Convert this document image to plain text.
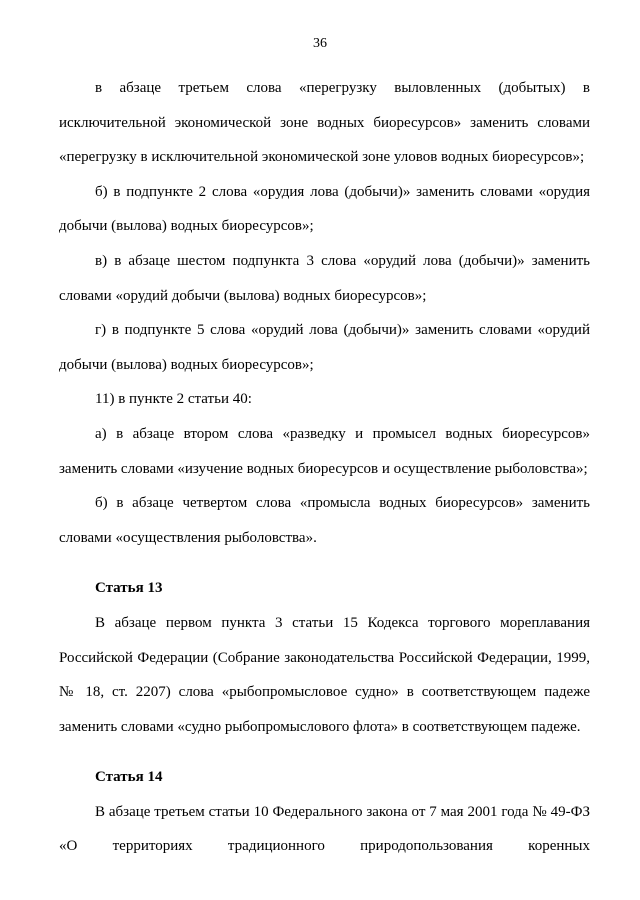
36

в абзаце третьем слова «перегрузку выловленных (добытых) в исключительной экономической зоне водных биоресурсов» заменить словами «перегрузку в исключительной экономической зоне уловов водных биоресурсов»;

б) в подпункте 2 слова «орудия лова (добычи)» заменить словами «орудия добычи (вылова) водных биоресурсов»;

в) в абзаце шестом подпункта 3 слова «орудий лова (добычи)» заменить словами «орудий добычи (вылова) водных биоресурсов»;

г) в подпункте 5 слова «орудий лова (добычи)» заменить словами «орудий добычи (вылова) водных биоресурсов»;

11) в пункте 2 статьи 40:

а) в абзаце втором слова «разведку и промысел водных биоресурсов» заменить словами «изучение водных биоресурсов и осуществление рыболовства»;

б) в абзаце четвертом слова «промысла водных биоресурсов» заменить словами «осуществления рыболовства».

Статья 13

В абзаце первом пункта 3 статьи 15 Кодекса торгового мореплавания Российской Федерации (Собрание законодательства Российской Федерации, 1999, № 18, ст. 2207) слова «рыбопромысловое судно» в соответствующем падеже заменить словами «судно рыбопромыслового флота» в соответствующем падеже.

Статья 14

В абзаце третьем статьи 10 Федерального закона от 7 мая 2001 года № 49-ФЗ «О территориях традиционного природопользования коренных
